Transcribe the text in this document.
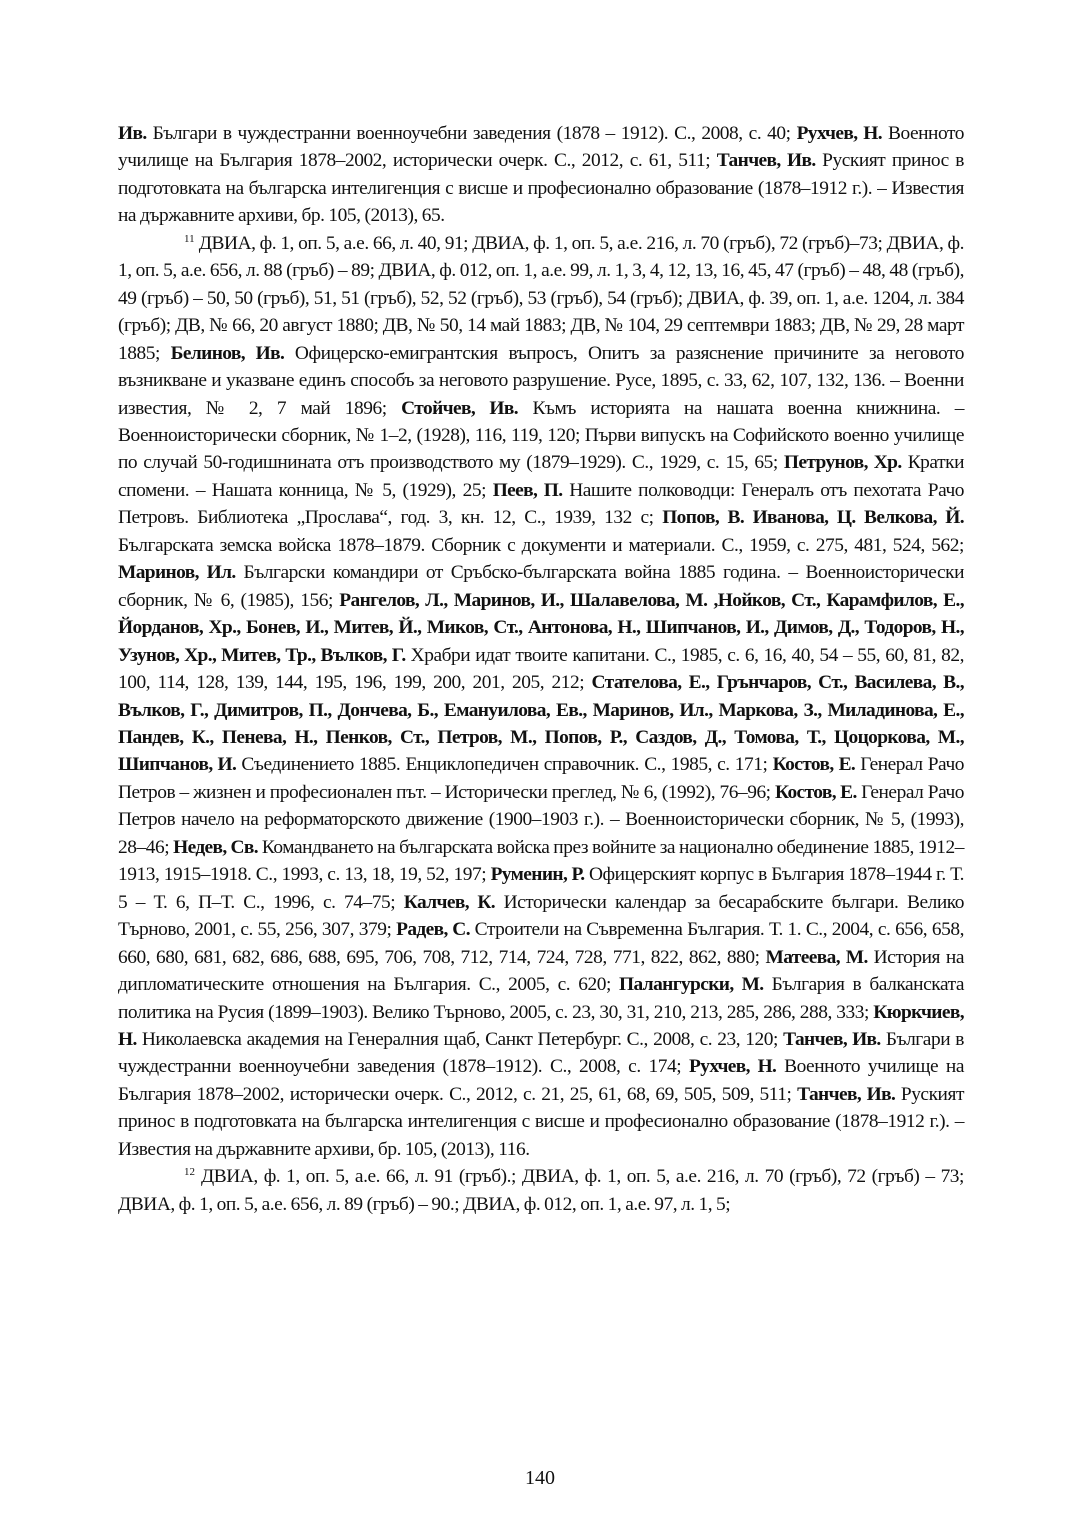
Ив. Българи в чуждестранни военноучебни заведения (1878 – 1912). С., 2008, с. 40; Рухчев, Н. Военното училище на България 1878–2002, исторически очерк. С., 2012, с. 61, 511; Танчев, Ив. Руският принос в подготовката на българска интелигенция с висше и професионално образование (1878–1912 г.). – Известия на държавните архиви, бр. 105, (2013), 65.

$^{11}$ ДВИА, ф. 1, оп. 5, а.е. 66, л. 40, 91; ДВИА, ф. 1, оп. 5, а.е. 216, л. 70 (гръб), 72 (гръб)–73; ДВИА, ф. 1, оп. 5, а.е. 656, л. 88 (гръб) – 89; ДВИА, ф. 012, оп. 1, а.е. 99, л. 1, 3, 4, 12, 13, 16, 45, 47 (гръб) – 48, 48 (гръб), 49 (гръб) – 50, 50 (гръб), 51, 51 (гръб), 52, 52 (гръб), 53 (гръб), 54 (гръб); ДВИА, ф. 39, оп. 1, а.е. 1204, л. 384 (гръб); ДВ, № 66, 20 август 1880; ДВ, № 50, 14 май 1883; ДВ, № 104, 29 септември 1883; ДВ, № 29, 28 март 1885; Белинов, Ив. Офицерско-емигрантския въпросъ, Опитъ за разяснение причините за неговото възникване и указване единъ способъ за неговото разрушение. Русе, 1895, с. 33, 62, 107, 132, 136. – Военни известия, № 2, 7 май 1896; Стойчев, Ив. Къмъ историята на нашата военна книжнина. – Военноисторически сборник, № 1–2, (1928), 116, 119, 120; Първи випускъ на Софийското военно училище по случай 50-годишнината отъ производството му (1879–1929). С., 1929, с. 15, 65; Петрунов, Хр. Кратки спомени. – Нашата конница, № 5, (1929), 25; Пеев, П. Нашите полководци: Генералъ отъ пехотата Рачо Петровъ. Библиотека „Прослава“, год. 3, кн. 12, С., 1939, 132 с; Попов, В. Иванова, Ц. Велкова, Й. Българската земска войска 1878–1879. Сборник с документи и материали. С., 1959, с. 275, 481, 524, 562; Маринов, Ил. Български командири от Сръбско-българската война 1885 година. – Военноисторически сборник, № 6, (1985), 156; Рангелов, Л., Маринов, И., Шалавелова, М. ,Нойков, Ст., Карамфилов, Е., Йорданов, Хр., Бонев, И., Митев, Й., Миков, Ст., Антонова, Н., Шипчанов, И., Димов, Д., Тодоров, Н., Узунов, Хр., Митев, Тр., Вълков, Г. Храбри идат твоите капитани. С., 1985, с. 6, 16, 40, 54 – 55, 60, 81, 82, 100, 114, 128, 139, 144, 195, 196, 199, 200, 201, 205, 212; Стателова, Е., Грънчаров, Ст., Василева, В., Вълков, Г., Димитров, П., Дончева, Б., Емануилова, Ев., Маринов, Ил., Маркова, З., Миладинова, Е., Пандев, К., Пенева, Н., Пенков, Ст., Петров, М., Попов, Р., Саздов, Д., Томова, Т., Цоцоркова, М., Шипчанов, И. Съединението 1885. Енциклопедичен справочник. С., 1985, с. 171; Костов, Е. Генерал Рачо Петров – жизнен и професионален път. – Исторически преглед, № 6, (1992), 76–96; Костов, Е. Генерал Рачо Петров начело на реформаторското движение (1900–1903 г.). – Военноисторически сборник, № 5, (1993), 28–46; Недев, Св. Командването на българската войска през войните за национално обединение 1885, 1912–1913, 1915–1918. С., 1993, с. 13, 18, 19, 52, 197; Руменин, Р. Офицерският корпус в България 1878–1944 г. Т. 5 – Т. 6, П–Т. С., 1996, с. 74–75; Калчев, К. Исторически календар за бесарабските българи. Велико Търново, 2001, с. 55, 256, 307, 379; Радев, С. Строители на Съвременна България. Т. 1. С., 2004, с. 656, 658, 660, 680, 681, 682, 686, 688, 695, 706, 708, 712, 714, 724, 728, 771, 822, 862, 880; Матеева, М. История на дипломатическите отношения на България. С., 2005, с. 620; Палангурски, М. България в балканската политика на Русия (1899–1903). Велико Търново, 2005, с. 23, 30, 31, 210, 213, 285, 286, 288, 333; Кюркчиев, Н. Николаевска академия на Генералния щаб, Санкт Петербург. С., 2008, с. 23, 120; Танчев, Ив. Българи в чуждестранни военноучебни заведения (1878–1912). С., 2008, с. 174; Рухчев, Н. Военното училище на България 1878–2002, исторически очерк. С., 2012, с. 21, 25, 61, 68, 69, 505, 509, 511; Танчев, Ив. Руският принос в подготовката на българска интелигенция с висше и професионално образование (1878–1912 г.). – Известия на държавните архиви, бр. 105, (2013), 116.

$^{12}$ ДВИА, ф. 1, оп. 5, а.е. 66, л. 91 (гръб).; ДВИА, ф. 1, оп. 5, а.е. 216, л. 70 (гръб), 72 (гръб) – 73; ДВИА, ф. 1, оп. 5, а.е. 656, л. 89 (гръб) – 90.; ДВИА, ф. 012, оп. 1, а.е. 97, л. 1, 5;

140
